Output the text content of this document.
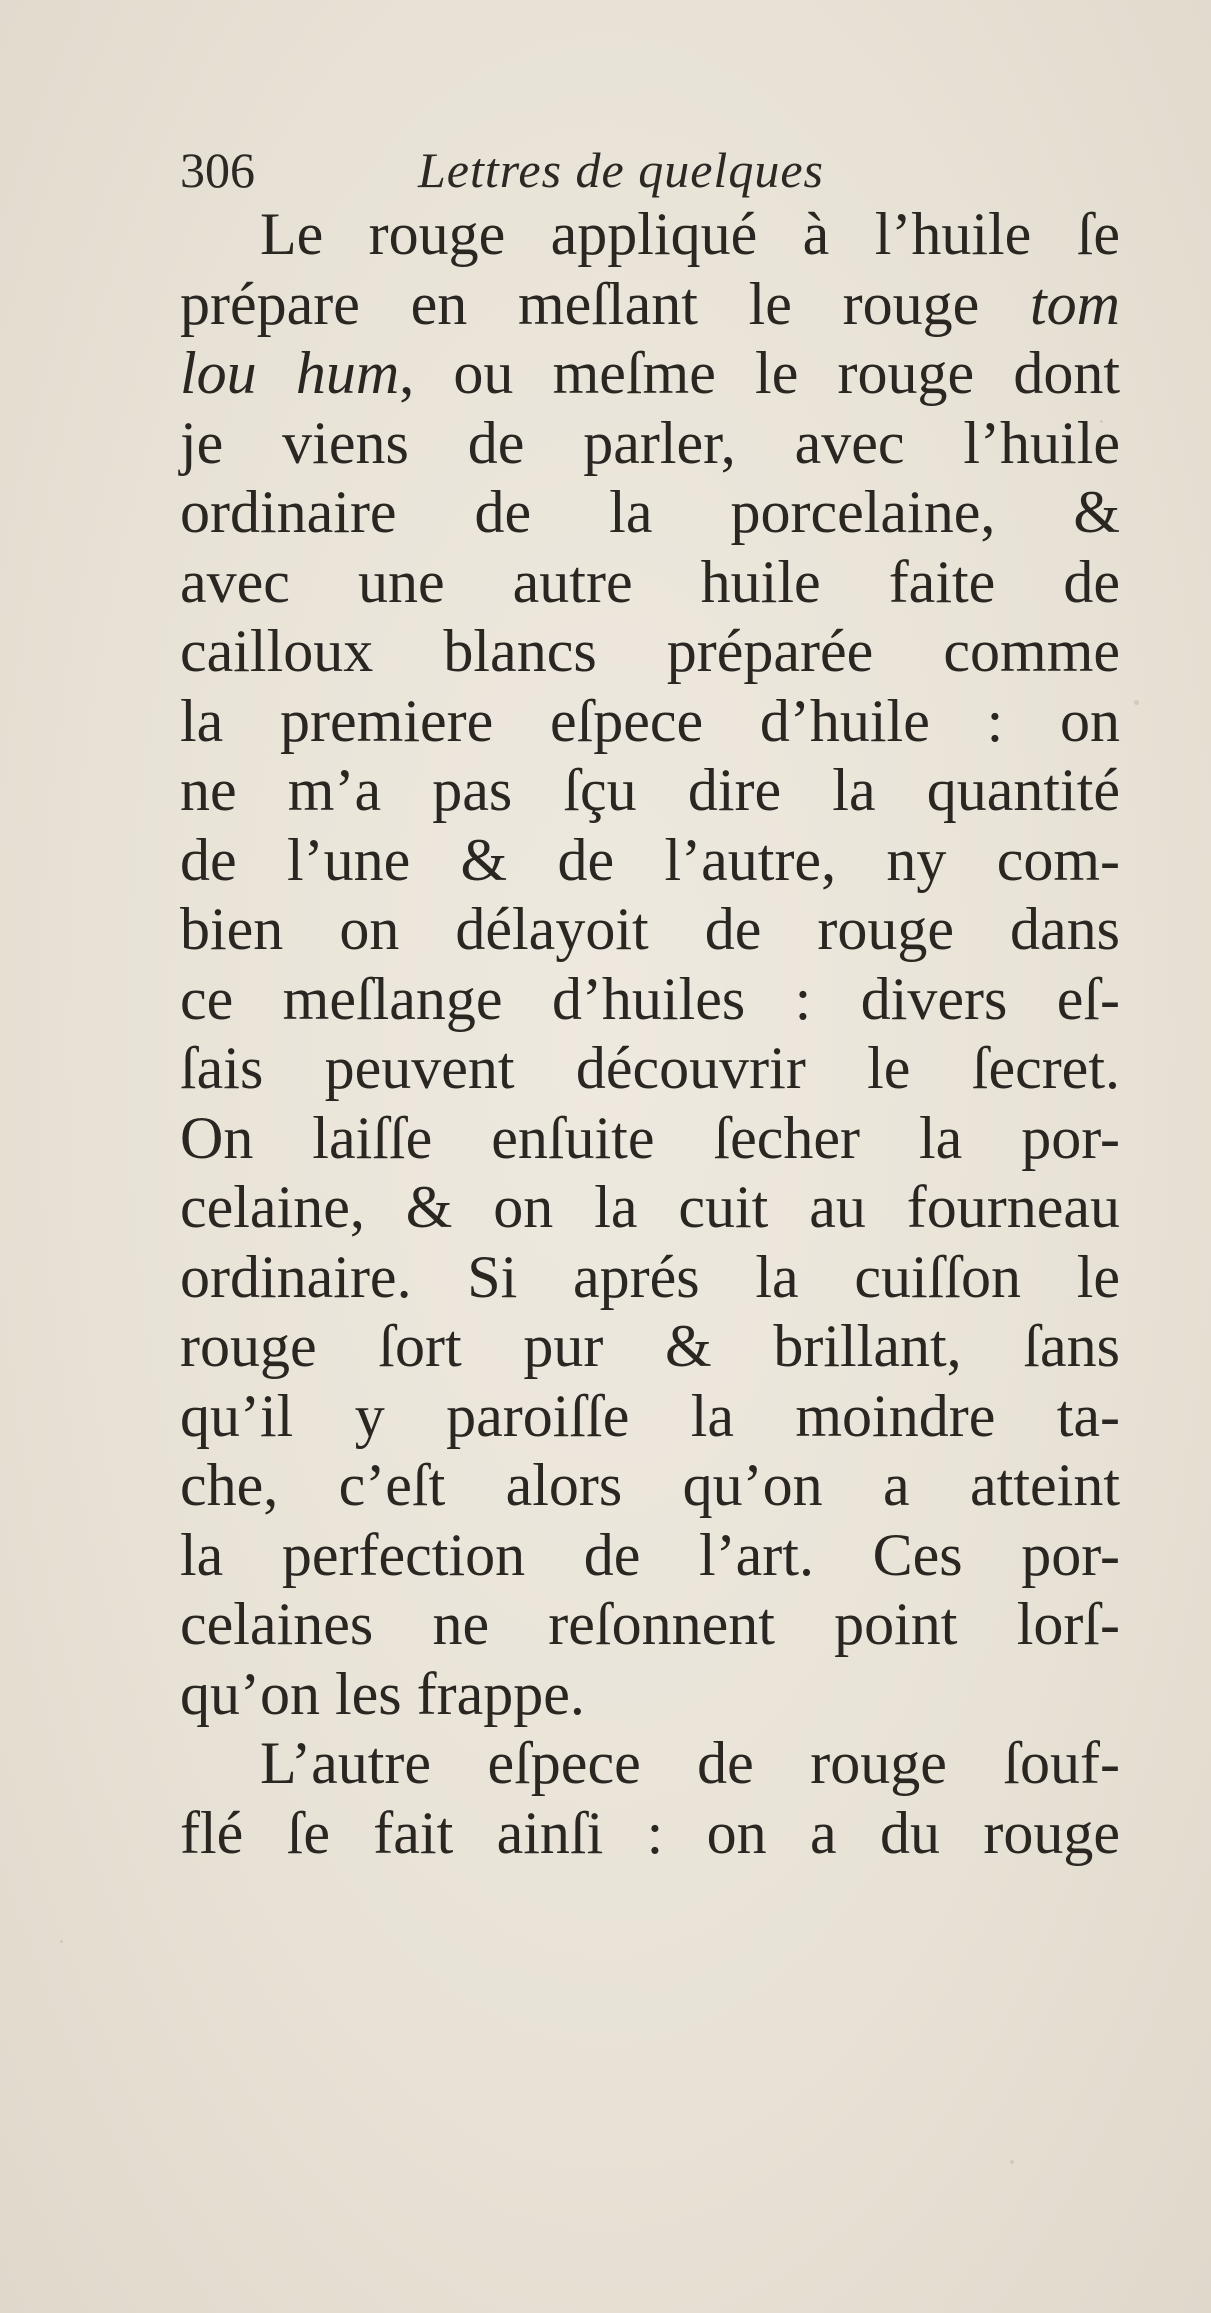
306	Lettres de quelques
Le rouge appliqué à l’huile ſe
prépare en meſlant le rouge tom
lou hum, ou meſme le rouge dont
je viens de parler, avec l’huile
ordinaire de la porcelaine, &
avec une autre huile faite de
cailloux blancs préparée comme
la premiere eſpece d’huile : on
ne m’a pas ſçu dire la quantité
de l’une & de l’autre, ny com-
bien on délayoit de rouge dans
ce meſlange d’huiles : divers eſ-
ſais peuvent découvrir le ſecret.
On laiſſe enſuite ſecher la por-
celaine, & on la cuit au fourneau
ordinaire. Si aprés la cuiſſon le
rouge ſort pur & brillant, ſans
qu’il y paroiſſe la moindre ta-
che, c’eſt alors qu’on a atteint
la perfection de l’art. Ces por-
celaines ne reſonnent point lorſ-
qu’on les frappe.
L’autre eſpece de rouge ſouf-
flé ſe fait ainſi : on a du rouge
